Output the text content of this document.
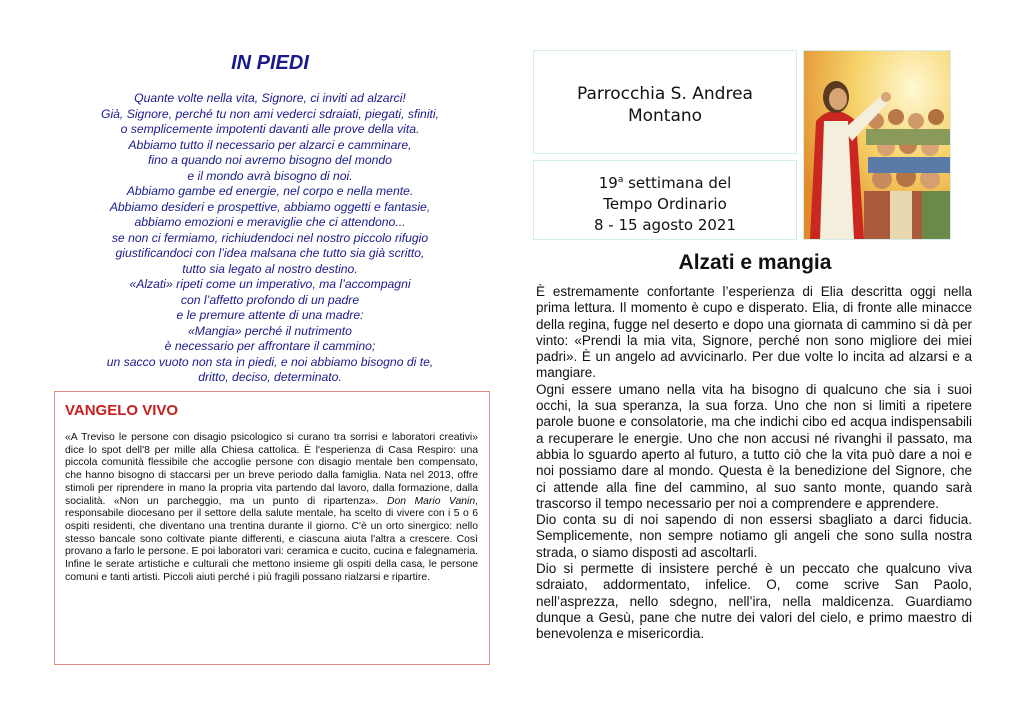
IN PIEDI
Quante volte nella vita, Signore, ci inviti ad alzarci!
Già, Signore, perché tu non ami vederci sdraiati, piegati, sfiniti,
o semplicemente impotenti davanti alle prove della vita.
Abbiamo tutto il necessario per alzarci e camminare,
fino a quando noi avremo bisogno del mondo
e il mondo avrà bisogno di noi.
Abbiamo gambe ed energie, nel corpo e nella mente.
Abbiamo desideri e prospettive, abbiamo oggetti e fantasie,
abbiamo emozioni e meraviglie che ci attendono...
se non ci fermiamo, richiudendoci nel nostro piccolo rifugio
giustificandoci con l’idea malsana che tutto sia già scritto,
tutto sia legato al nostro destino.
«Alzati» ripeti come un imperativo, ma l’accompagni
con l’affetto profondo di un padre
e le premure attente di una madre:
«Mangia» perché il nutrimento
è necessario per affrontare il cammino;
un sacco vuoto non sta in piedi, e noi abbiamo bisogno di te,
dritto, deciso, determinato.
VANGELO VIVO
«A Treviso le persone con disagio psicologico si curano tra sorrisi e laboratori creativi» dice lo spot dell'8 per mille alla Chiesa cattolica. È l'esperienza di Casa Respiro: una piccola comunità flessibile che accoglie persone con disagio mentale ben compensato, che hanno bisogno di staccarsi per un breve periodo dalla famiglia. Nata nel 2013, offre stimoli per riprendere in mano la propria vita partendo dal lavoro, dalla formazione, dalla socialità. «Non un parcheggio, ma un punto di ripartenza». Don Mario Vanin, responsabile diocesano per il settore della salute mentale, ha scelto di vivere con i 5 o 6 ospiti residenti, che diventano una trentina durante il giorno. C'è un orto sinergico: nello stesso bancale sono coltivate piante differenti, e ciascuna aiuta l'altra a crescere. Così provano a farlo le persone. E poi laboratori vari: ceramica e cucito, cucina e falegnameria. Infine le serate artistiche e culturali che mettono insieme gli ospiti della casa, le persone comuni e tanti artisti. Piccoli aiuti perché i più fragili possano rialzarsi e ripartire.
Parrocchia S. Andrea
Montano
19$^a$ settimana del
Tempo Ordinario
8 - 15 agosto 2021
Alzati e mangia

È estremamente confortante l’esperienza di Elia descritta oggi nella prima lettura. Il momento è cupo e disperato. Elia, di fronte alle minacce della regina, fugge nel deserto e dopo una giornata di cammino si dà per vinto: «Prendi la mia vita, Signore, perché non sono migliore dei miei padri». È un angelo ad avvicinarlo. Per due volte lo incita ad alzarsi e a mangiare.

Ogni essere umano nella vita ha bisogno di qualcuno che sia i suoi occhi, la sua speranza, la sua forza. Uno che non si limiti a ripetere parole buone e consolatorie, ma che indichi cibo ed acqua indispensabili a recuperare le energie. Uno che non accusi né rivanghi il passato, ma abbia lo sguardo aperto al futuro, a tutto ciò che la vita può dare a noi e noi possiamo dare al mondo. Questa è la benedizione del Signore, che ci attende alla fine del cammino, al suo santo monte, quando sarà trascorso il tempo necessario per noi a comprendere e apprendere.

Dio conta su di noi sapendo di non essersi sbagliato a darci fiducia. Semplicemente, non sempre notiamo gli angeli che sono sulla nostra strada, o siamo disposti ad ascoltarli.

Dio si permette di insistere perché è un peccato che qualcuno viva sdraiato, addormentato, infelice. O, come scrive San Paolo, nell’asprezza, nello sdegno, nell’ira, nella maldicenza. Guardiamo dunque a Gesù, pane che nutre dei valori del cielo, e primo maestro di benevolenza e misericordia.
